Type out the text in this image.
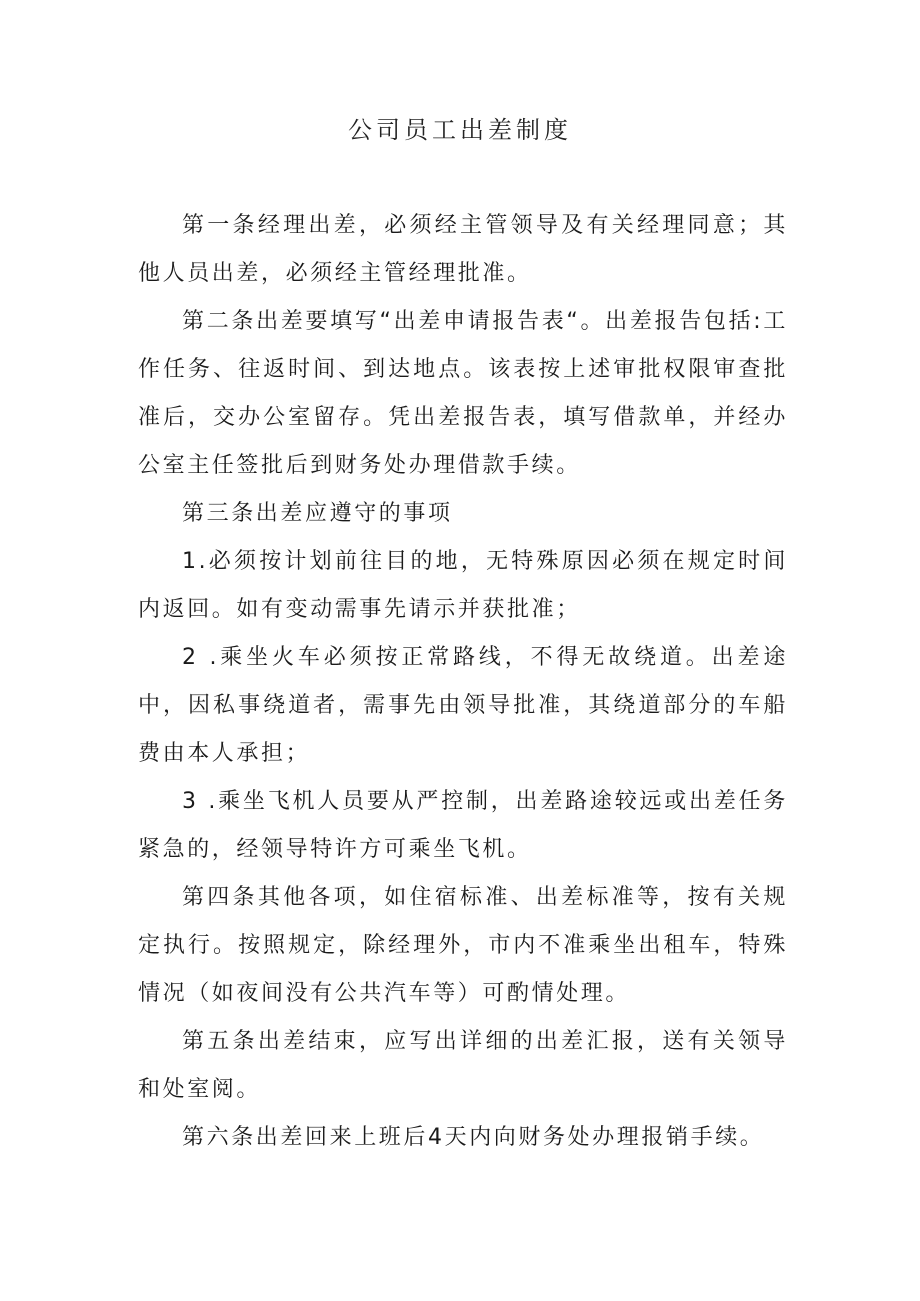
公司员工出差制度

第一条经理出差，必须经主管领导及有关经理同意；其他人员出差，必须经主管经理批准。

第二条出差要填写“出差申请报告表“。出差报告包括:工作任务、往返时间、到达地点。该表按上述审批权限审查批准后，交办公室留存。凭出差报告表，填写借款单，并经办公室主任签批后到财务处办理借款手续。

第三条出差应遵守的事项

1.必须按计划前往目的地，无特殊原因必须在规定时间内返回。如有变动需事先请示并获批准；

2 .乘坐火车必须按正常路线，不得无故绕道。出差途中，因私事绕道者，需事先由领导批准，其绕道部分的车船费由本人承担；

3 .乘坐飞机人员要从严控制，出差路途较远或出差任务紧急的，经领导特许方可乘坐飞机。

第四条其他各项，如住宿标准、出差标准等，按有关规定执行。按照规定，除经理外，市内不准乘坐出租车，特殊情况（如夜间没有公共汽车等）可酌情处理。

第五条出差结束，应写出详细的出差汇报，送有关领导和处室阅。

第六条出差回来上班后4天内向财务处办理报销手续。
